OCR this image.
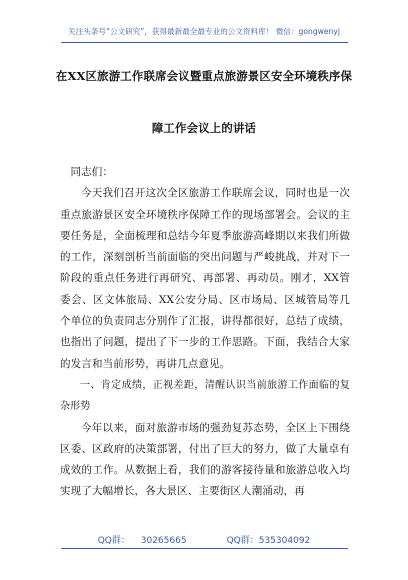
关注头条号“公文研究”，获得最新最全最专业的公文资料库！ 微信：gongwenyj
在XX区旅游工作联席会议暨重点旅游景区安全环境秩序保
障工作会议上的讲话

同志们：

今天我们召开这次全区旅游工作联席会议，同时也是一次重点旅游景区安全环境秩序保障工作的现场部署会。会议的主要任务是，全面梳理和总结今年夏季旅游高峰期以来我们所做的工作，深刻剖析当前面临的突出问题与严峻挑战，并对下一阶段的重点任务进行再研究、再部署、再动员。刚才，XX管委会、区文体旅局、XX公安分局、区市场局、区城管局等几个单位的负责同志分别作了汇报，讲得都很好，总结了成绩，也指出了问题，提出了下一步的工作思路。下面，我结合大家的发言和当前形势，再讲几点意见。

一、肯定成绩，正视差距，清醒认识当前旅游工作面临的复杂形势

今年以来，面对旅游市场的强劲复苏态势，全区上下围绕区委、区政府的决策部署，付出了巨大的努力，做了大量卓有成效的工作。从数据上看，我们的游客接待量和旅游总收入均实现了大幅增长，各大景区、主要街区人潮涌动，再

QQ群： 30265665	QQ群：535304092
